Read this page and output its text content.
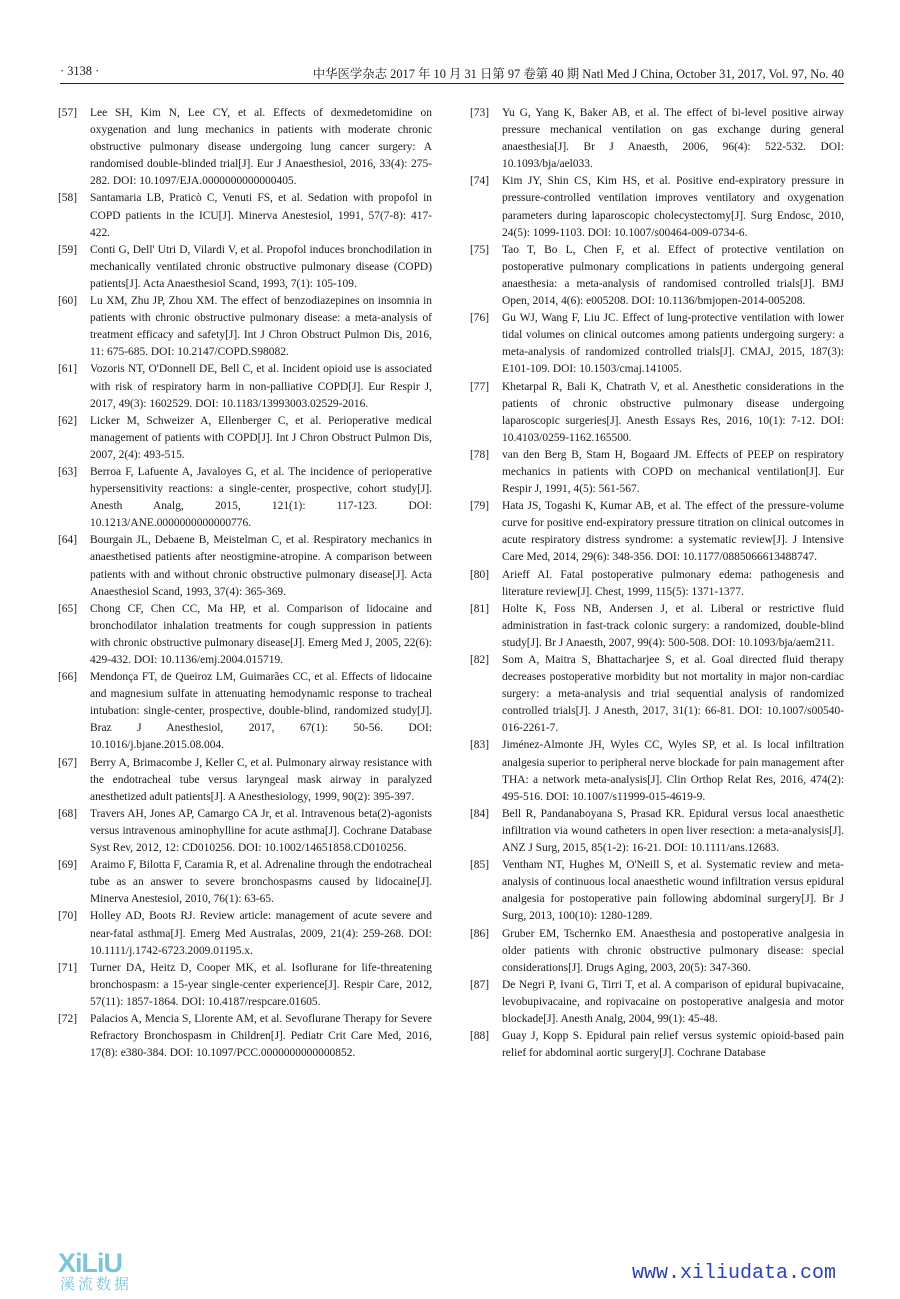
· 3138 ·	中华医学杂志 2017 年 10 月 31 日第 97 卷第 40 期 Natl Med J China, October 31, 2017, Vol. 97, No. 40
[57] Lee SH, Kim N, Lee CY, et al. Effects of dexmedetomidine on oxygenation and lung mechanics in patients with moderate chronic obstructive pulmonary disease undergoing lung cancer surgery: A randomised double-blinded trial[J]. Eur J Anaesthesiol, 2016, 33(4): 275-282. DOI: 10.1097/EJA.0000000000000405.
[58] Santamaria LB, Praticò C, Venuti FS, et al. Sedation with propofol in COPD patients in the ICU[J]. Minerva Anestesiol, 1991, 57(7-8): 417-422.
[59] Conti G, Dell' Utri D, Vilardi V, et al. Propofol induces bronchodilation in mechanically ventilated chronic obstructive pulmonary disease (COPD) patients[J]. Acta Anaesthesiol Scand, 1993, 7(1): 105-109.
[60] Lu XM, Zhu JP, Zhou XM. The effect of benzodiazepines on insomnia in patients with chronic obstructive pulmonary disease: a meta-analysis of treatment efficacy and safety[J]. Int J Chron Obstruct Pulmon Dis, 2016, 11: 675-685. DOI: 10.2147/COPD.S98082.
[61] Vozoris NT, O'Donnell DE, Bell C, et al. Incident opioid use is associated with risk of respiratory harm in non-palliative COPD[J]. Eur Respir J, 2017, 49(3): 1602529. DOI: 10.1183/13993003.02529-2016.
[62] Licker M, Schweizer A, Ellenberger C, et al. Perioperative medical management of patients with COPD[J]. Int J Chron Obstruct Pulmon Dis, 2007, 2(4): 493-515.
[63] Berroa F, Lafuente A, Javaloyes G, et al. The incidence of perioperative hypersensitivity reactions: a single-center, prospective, cohort study[J]. Anesth Analg, 2015, 121(1): 117-123. DOI: 10.1213/ANE.0000000000000776.
[64] Bourgain JL, Debaene B, Meistelman C, et al. Respiratory mechanics in anaesthetised patients after neostigmine-atropine. A comparison between patients with and without chronic obstructive pulmonary disease[J]. Acta Anaesthesiol Scand, 1993, 37(4): 365-369.
[65] Chong CF, Chen CC, Ma HP, et al. Comparison of lidocaine and bronchodilator inhalation treatments for cough suppression in patients with chronic obstructive pulmonary disease[J]. Emerg Med J, 2005, 22(6): 429-432. DOI: 10.1136/emj.2004.015719.
[66] Mendonça FT, de Queiroz LM, Guimarães CC, et al. Effects of lidocaine and magnesium sulfate in attenuating hemodynamic response to tracheal intubation: single-center, prospective, double-blind, randomized study[J]. Braz J Anesthesiol, 2017, 67(1): 50-56. DOI: 10.1016/j.bjane.2015.08.004.
[67] Berry A, Brimacombe J, Keller C, et al. Pulmonary airway resistance with the endotracheal tube versus laryngeal mask airway in paralyzed anesthetized adult patients[J]. A Anesthesiology, 1999, 90(2): 395-397.
[68] Travers AH, Jones AP, Camargo CA Jr, et al. Intravenous beta(2)-agonists versus intravenous aminophylline for acute asthma[J]. Cochrane Database Syst Rev, 2012, 12: CD010256. DOI: 10.1002/14651858.CD010256.
[69] Araimo F, Bilotta F, Caramia R, et al. Adrenaline through the endotracheal tube as an answer to severe bronchospasms caused by lidocaine[J]. Minerva Anestesiol, 2010, 76(1): 63-65.
[70] Holley AD, Boots RJ. Review article: management of acute severe and near-fatal asthma[J]. Emerg Med Australas, 2009, 21(4): 259-268. DOI: 10.1111/j.1742-6723.2009.01195.x.
[71] Turner DA, Heitz D, Cooper MK, et al. Isoflurane for life-threatening bronchospasm: a 15-year single-center experience[J]. Respir Care, 2012, 57(11): 1857-1864. DOI: 10.4187/respcare.01605.
[72] Palacios A, Mencia S, Llorente AM, et al. Sevoflurane Therapy for Severe Refractory Bronchospasm in Children[J]. Pediatr Crit Care Med, 2016, 17(8): e380-384. DOI: 10.1097/PCC.0000000000000852.
[73] Yu G, Yang K, Baker AB, et al. The effect of bi-level positive airway pressure mechanical ventilation on gas exchange during general anaesthesia[J]. Br J Anaesth, 2006, 96(4): 522-532. DOI: 10.1093/bja/ael033.
[74] Kim JY, Shin CS, Kim HS, et al. Positive end-expiratory pressure in pressure-controlled ventilation improves ventilatory and oxygenation parameters during laparoscopic cholecystectomy[J]. Surg Endosc, 2010, 24(5): 1099-1103. DOI: 10.1007/s00464-009-0734-6.
[75] Tao T, Bo L, Chen F, et al. Effect of protective ventilation on postoperative pulmonary complications in patients undergoing general anaesthesia: a meta-analysis of randomised controlled trials[J]. BMJ Open, 2014, 4(6): e005208. DOI: 10.1136/bmjopen-2014-005208.
[76] Gu WJ, Wang F, Liu JC. Effect of lung-protective ventilation with lower tidal volumes on clinical outcomes among patients undergoing surgery: a meta-analysis of randomized controlled trials[J]. CMAJ, 2015, 187(3): E101-109. DOI: 10.1503/cmaj.141005.
[77] Khetarpal R, Bali K, Chatrath V, et al. Anesthetic considerations in the patients of chronic obstructive pulmonary disease undergoing laparoscopic surgeries[J]. Anesth Essays Res, 2016, 10(1): 7-12. DOI: 10.4103/0259-1162.165500.
[78] van den Berg B, Stam H, Bogaard JM. Effects of PEEP on respiratory mechanics in patients with COPD on mechanical ventilation[J]. Eur Respir J, 1991, 4(5): 561-567.
[79] Hata JS, Togashi K, Kumar AB, et al. The effect of the pressure-volume curve for positive end-expiratory pressure titration on clinical outcomes in acute respiratory distress syndrome: a systematic review[J]. J Intensive Care Med, 2014, 29(6): 348-356. DOI: 10.1177/0885066613488747.
[80] Arieff AI. Fatal postoperative pulmonary edema: pathogenesis and literature review[J]. Chest, 1999, 115(5): 1371-1377.
[81] Holte K, Foss NB, Andersen J, et al. Liberal or restrictive fluid administration in fast-track colonic surgery: a randomized, double-blind study[J]. Br J Anaesth, 2007, 99(4): 500-508. DOI: 10.1093/bja/aem211.
[82] Som A, Maitra S, Bhattacharjee S, et al. Goal directed fluid therapy decreases postoperative morbidity but not mortality in major non-cardiac surgery: a meta-analysis and trial sequential analysis of randomized controlled trials[J]. J Anesth, 2017, 31(1): 66-81. DOI: 10.1007/s00540-016-2261-7.
[83] Jiménez-Almonte JH, Wyles CC, Wyles SP, et al. Is local infiltration analgesia superior to peripheral nerve blockade for pain management after THA: a network meta-analysis[J]. Clin Orthop Relat Res, 2016, 474(2): 495-516. DOI: 10.1007/s11999-015-4619-9.
[84] Bell R, Pandanaboyana S, Prasad KR. Epidural versus local anaesthetic infiltration via wound catheters in open liver resection: a meta-analysis[J]. ANZ J Surg, 2015, 85(1-2): 16-21. DOI: 10.1111/ans.12683.
[85] Ventham NT, Hughes M, O'Neill S, et al. Systematic review and meta-analysis of continuous local anaesthetic wound infiltration versus epidural analgesia for postoperative pain following abdominal surgery[J]. Br J Surg, 2013, 100(10): 1280-1289.
[86] Gruber EM, Tschernko EM. Anaesthesia and postoperative analgesia in older patients with chronic obstructive pulmonary disease: special considerations[J]. Drugs Aging, 2003, 20(5): 347-360.
[87] De Negri P, Ivani G, Tirri T, et al. A comparison of epidural bupivacaine, levobupivacaine, and ropivacaine on postoperative analgesia and motor blockade[J]. Anesth Analg, 2004, 99(1): 45-48.
[88] Guay J, Kopp S. Epidural pain relief versus systemic opioid-based pain relief for abdominal aortic surgery[J]. Cochrane Database
XiLiU
溪流数据	www.xiliudata.com
